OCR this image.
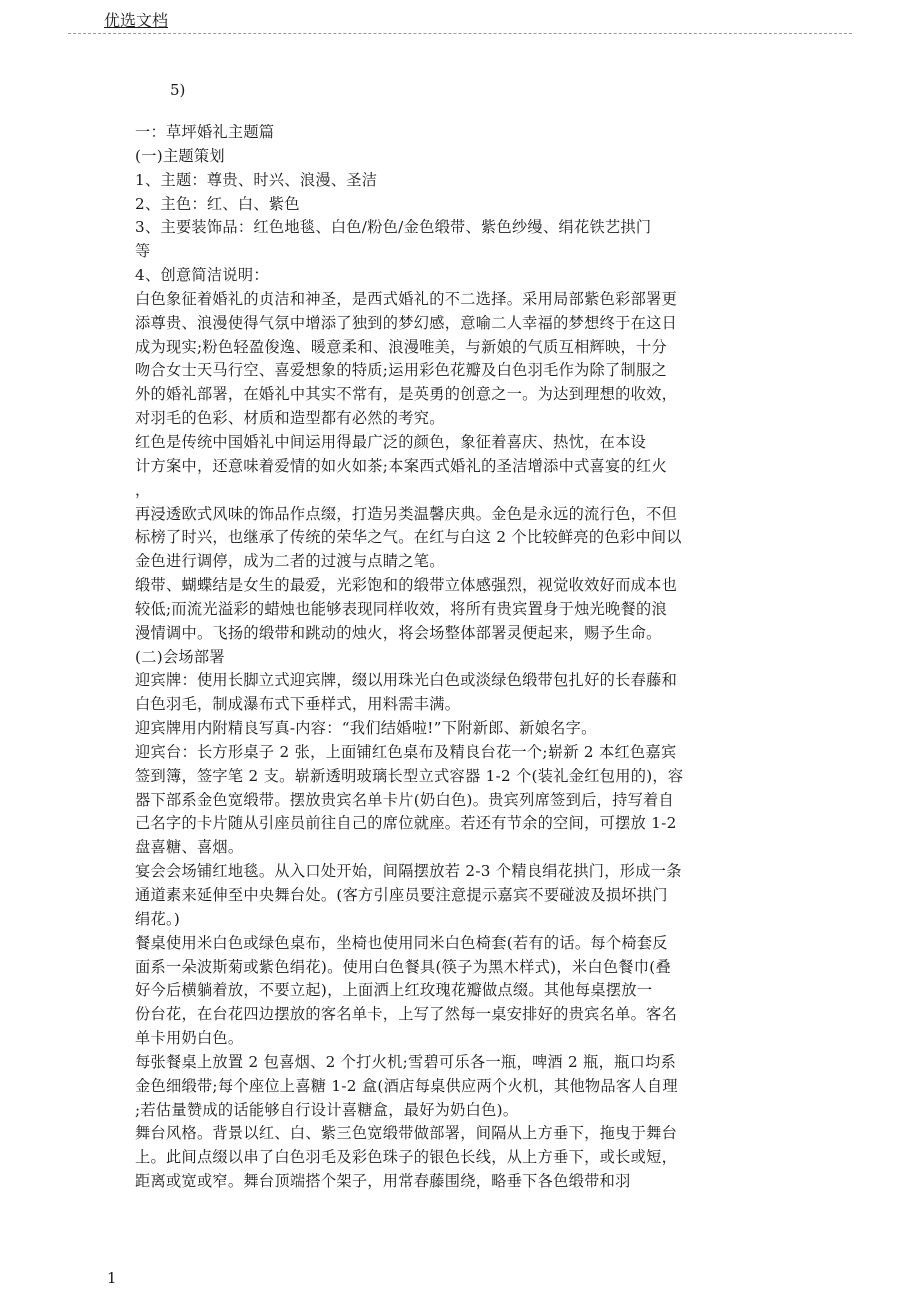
优选文档
5)
一：草坪婚礼主题篇
(一)主题策划
1、主题：尊贵、时兴、浪漫、圣洁
2、主色：红、白、紫色
3、主要装饰品：红色地毯、白色/粉色/金色缎带、紫色纱缦、绢花铁艺拱门
等
4、创意简洁说明：
白色象征着婚礼的贞洁和神圣，是西式婚礼的不二选择。采用局部紫色彩部署更
添尊贵、浪漫使得气氛中增添了独到的梦幻感，意喻二人幸福的梦想终于在这日
成为现实;粉色轻盈俊逸、暖意柔和、浪漫唯美，与新娘的气质互相辉映，十分
吻合女士天马行空、喜爱想象的特质;运用彩色花瓣及白色羽毛作为除了制服之
外的婚礼部署，在婚礼中其实不常有，是英勇的创意之一。为达到理想的收效，
对羽毛的色彩、材质和造型都有必然的考究。
红色是传统中国婚礼中间运用得最广泛的颜色，象征着喜庆、热忱，在本设
计方案中，还意味着爱情的如火如茶;本案西式婚礼的圣洁增添中式喜宴的红火
，
再浸透欧式风味的饰品作点缀，打造另类温馨庆典。金色是永远的流行色，不但
标榜了时兴，也继承了传统的荣华之气。在红与白这 2 个比较鲜亮的色彩中间以
金色进行调停，成为二者的过渡与点睛之笔。
缎带、蝴蝶结是女生的最爱，光彩饱和的缎带立体感强烈，视觉收效好而成本也
较低;而流光溢彩的蜡烛也能够表现同样收效，将所有贵宾置身于烛光晚餐的浪
漫情调中。飞扬的缎带和跳动的烛火，将会场整体部署灵便起来，赐予生命。
(二)会场部署
迎宾牌：使用长脚立式迎宾牌，缀以用珠光白色或淡绿色缎带包扎好的长春藤和
白色羽毛，制成瀑布式下垂样式，用料需丰满。
迎宾牌用内附精良写真-内容：“我们结婚啦!”下附新郎、新娘名字。
迎宾台：长方形桌子 2 张，上面铺红色桌布及精良台花一个;崭新 2 本红色嘉宾
签到簿，签字笔 2 支。崭新透明玻璃长型立式容器 1-2 个(装礼金红包用的)，容
器下部系金色宽缎带。摆放贵宾名单卡片(奶白色)。贵宾列席签到后，持写着自
己名字的卡片随从引座员前往自己的席位就座。若还有节余的空间，可摆放 1-2
盘喜糖、喜烟。
宴会会场铺红地毯。从入口处开始，间隔摆放若 2-3 个精良绢花拱门，形成一条
通道素来延伸至中央舞台处。(客方引座员要注意提示嘉宾不要碰波及损坏拱门
绢花。)
餐桌使用米白色或绿色桌布，坐椅也使用同米白色椅套(若有的话。每个椅套反
面系一朵波斯菊或紫色绢花)。使用白色餐具(筷子为黑木样式)，米白色餐巾(叠
好今后横躺着放，不要立起)，上面洒上红玫瑰花瓣做点缀。其他每桌摆放一
份台花，在台花四边摆放的客名单卡，上写了然每一桌安排好的贵宾名单。客名
单卡用奶白色。
每张餐桌上放置 2 包喜烟、2 个打火机;雪碧可乐各一瓶，啤酒 2 瓶，瓶口均系
金色细缎带;每个座位上喜糖 1-2 盒(酒店每桌供应两个火机，其他物品客人自理
;若估量赞成的话能够自行设计喜糖盒，最好为奶白色)。
舞台风格。背景以红、白、紫三色宽缎带做部署，间隔从上方垂下，拖曳于舞台
上。此间点缀以串了白色羽毛及彩色珠子的银色长线，从上方垂下，或长或短，
距离或宽或窄。舞台顶端搭个架子，用常春藤围绕，略垂下各色缎带和羽
1
